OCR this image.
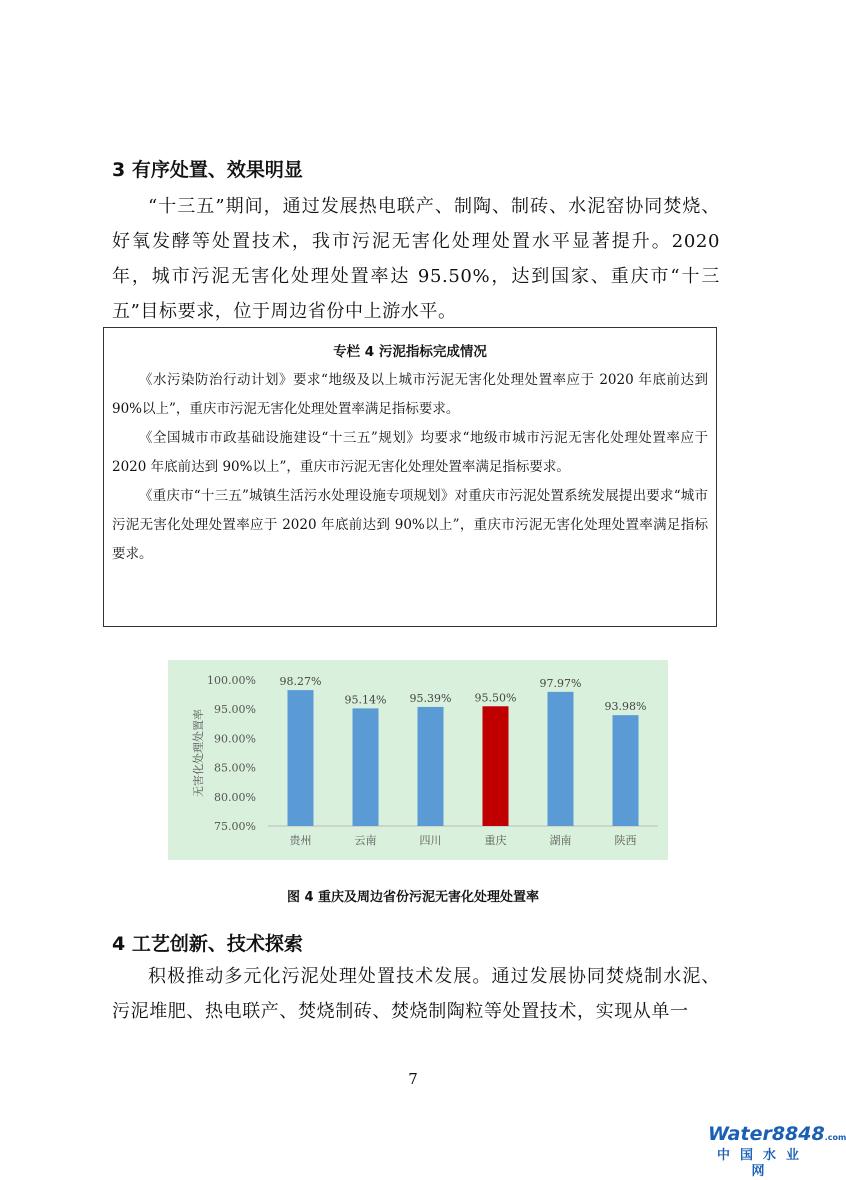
3 有序处置、效果明显

“十三五”期间，通过发展热电联产、制陶、制砖、水泥窑协同焚烧、好氧发酵等处置技术，我市污泥无害化处理处置水平显著提升。2020 年，城市污泥无害化处理处置率达 95.50%，达到国家、重庆市“十三五”目标要求，位于周边省份中上游水平。

专栏 4 污泥指标完成情况

《水污染防治行动计划》要求“地级及以上城市污泥无害化处理处置率应于 2020 年底前达到 90%以上”，重庆市污泥无害化处理处置率满足指标要求。

《全国城市市政基础设施建设“十三五”规划》均要求“地级市城市污泥无害化处理处置率应于 2020 年底前达到 90%以上”，重庆市污泥无害化处理处置率满足指标要求。

《重庆市“十三五”城镇生活污水处理设施专项规划》对重庆市污泥处置系统发展提出要求“城市污泥无害化处理处置率应于 2020 年底前达到 90%以上”，重庆市污泥无害化处理处置率满足指标要求。

75.00%
80.00%
85.00%
90.00%
95.00%
100.00%
无害化处理处置率
98.27%
贵州
95.14%
云南
95.39%
四川
95.50%
重庆
97.97%
湖南
93.98%
陕西

图 4 重庆及周边省份污泥无害化处理处置率

4 工艺创新、技术探索

积极推动多元化污泥处理处置技术发展。通过发展协同焚烧制水泥、污泥堆肥、热电联产、焚烧制砖、焚烧制陶粒等处置技术，实现从单一

7

Water8848.com
中国水业网
